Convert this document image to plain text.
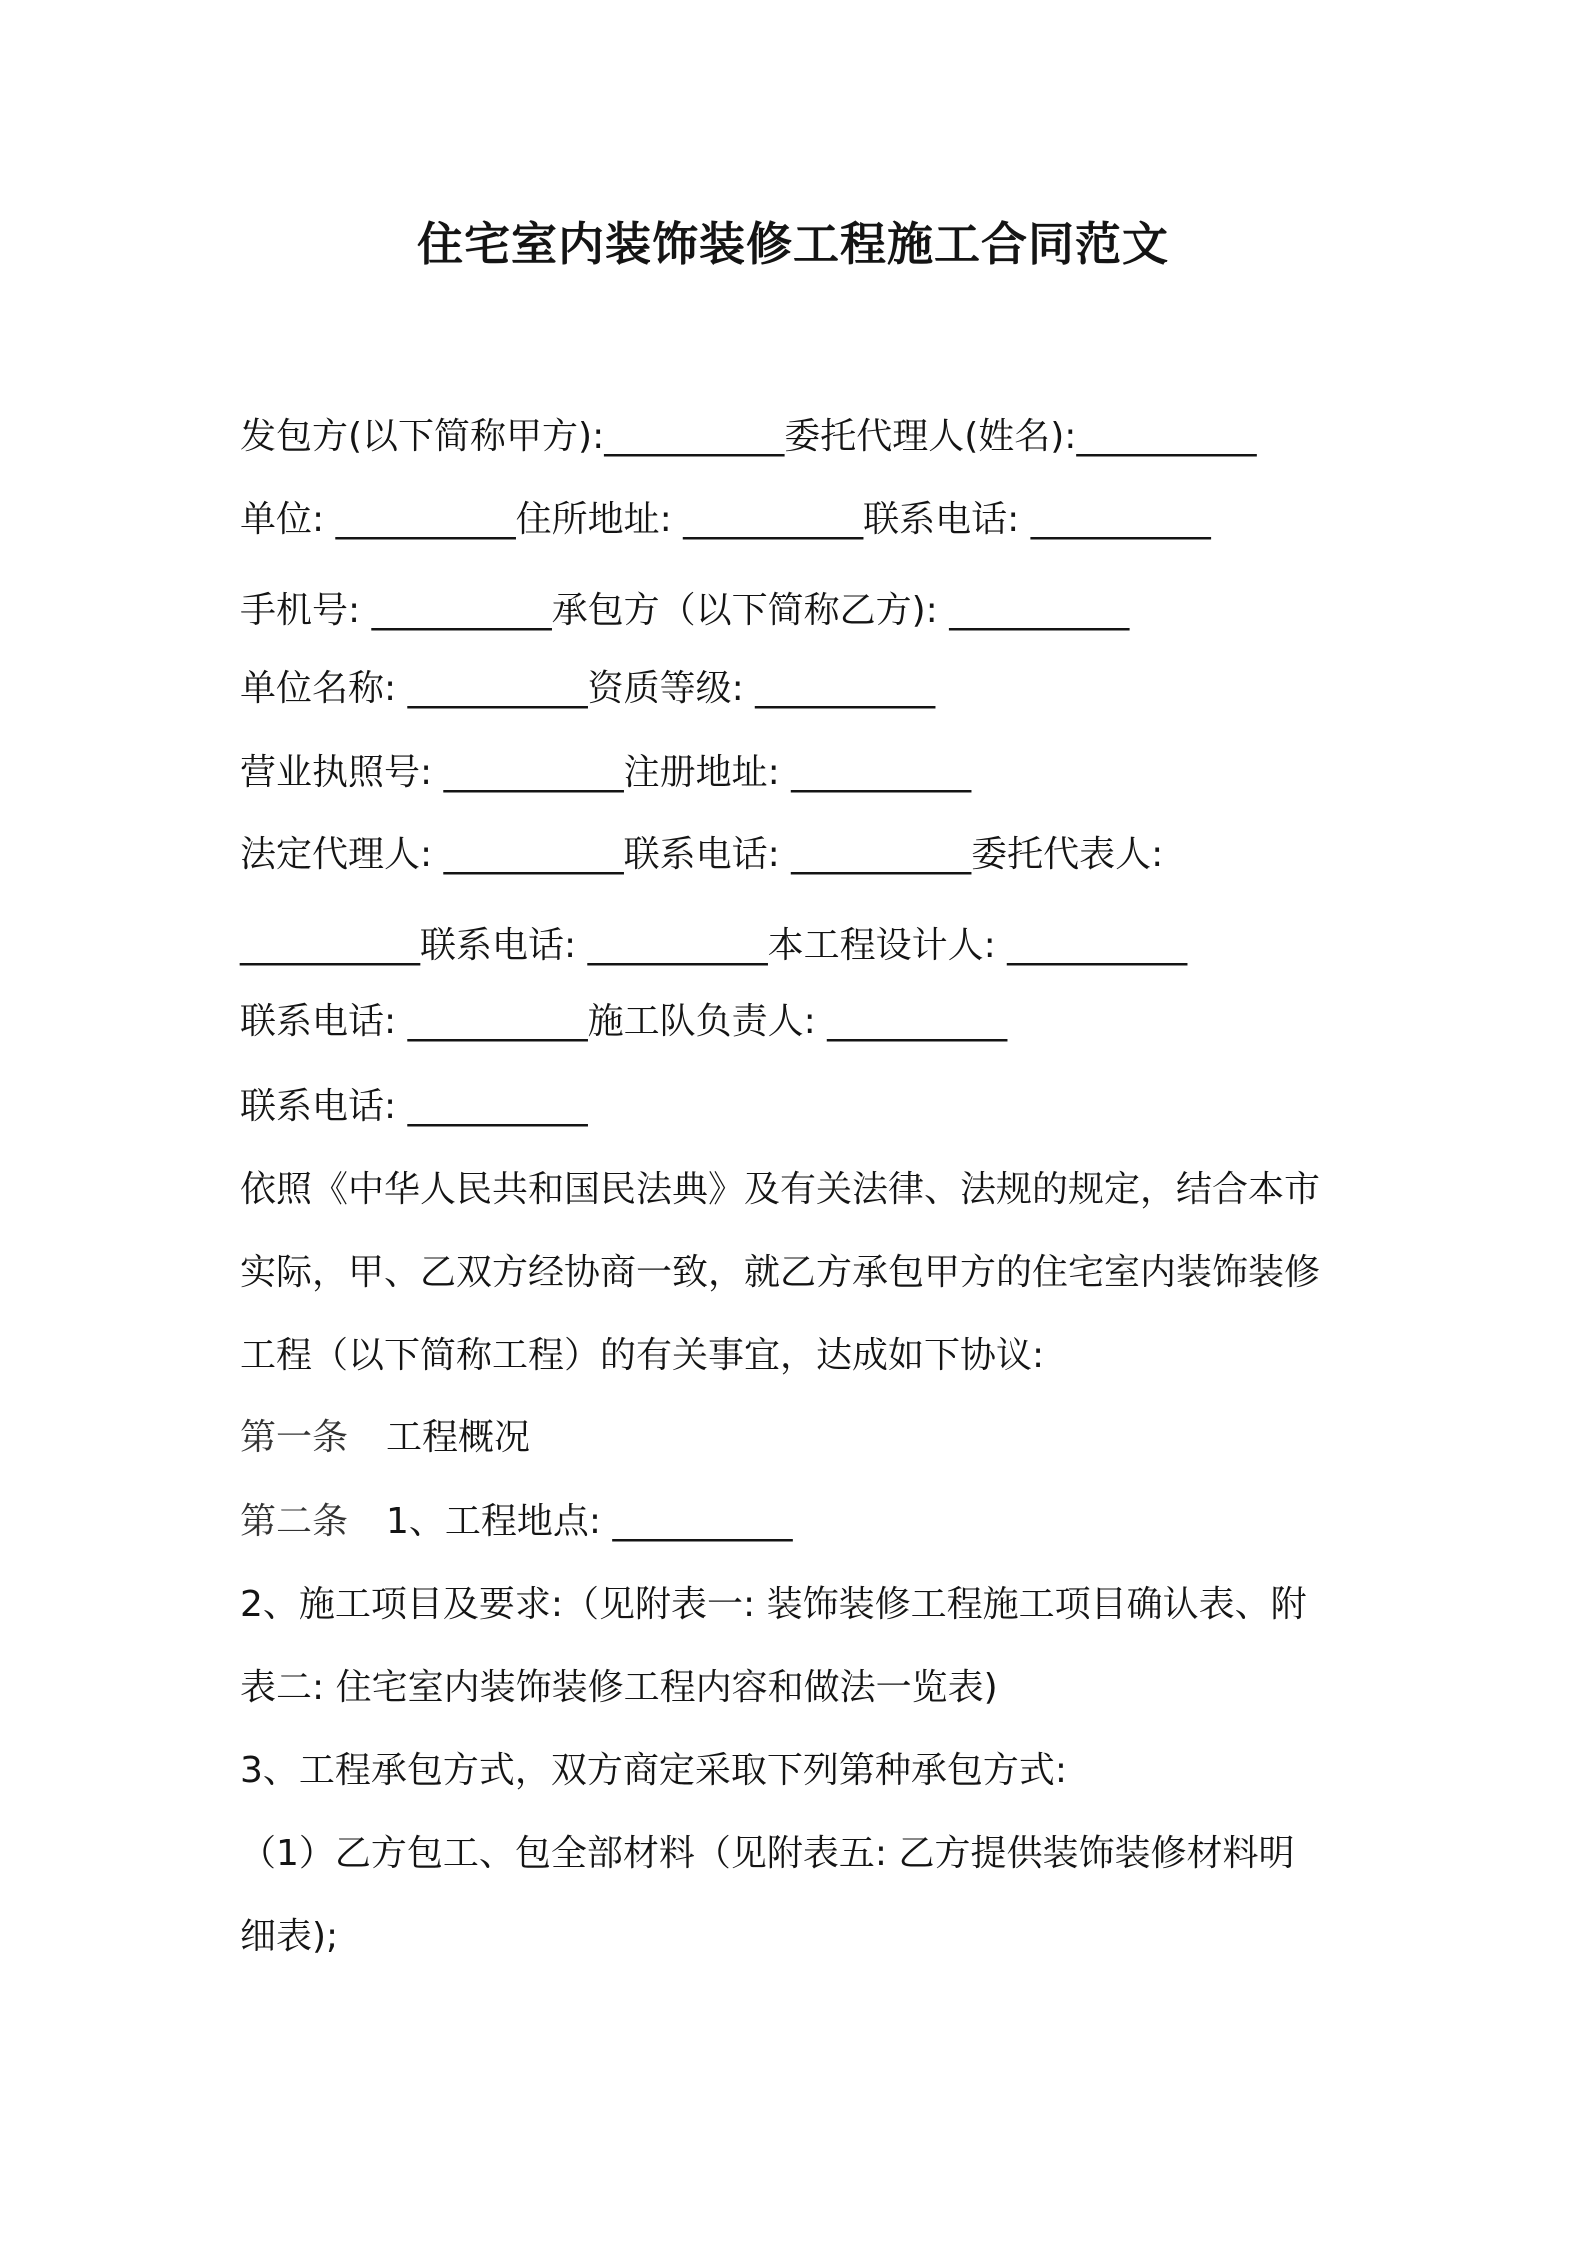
住宅室内装饰装修工程施工合同范文
发包方(以下简称甲方):__________委托代理人(姓名):__________
单位: __________住所地址: __________联系电话: __________
手机号: __________承包方（以下简称乙方): __________
单位名称: __________资质等级: __________
营业执照号: __________注册地址: __________
法定代理人: __________联系电话: __________委托代表人:
__________联系电话: __________本工程设计人: __________
联系电话: __________施工队负责人: __________
联系电话: __________
依照《中华人民共和国民法典》及有关法律、法规的规定，结合本市
实际，甲、乙双方经协商一致，就乙方承包甲方的住宅室内装饰装修
工程（以下简称工程）的有关事宜，达成如下协议:
第一条 工程概况
第二条 1、工程地点: __________
2、施工项目及要求:（见附表一: 装饰装修工程施工项目确认表、附
表二: 住宅室内装饰装修工程内容和做法一览表)
3、工程承包方式，双方商定采取下列第种承包方式:
（1）乙方包工、包全部材料（见附表五: 乙方提供装饰装修材料明
细表);
